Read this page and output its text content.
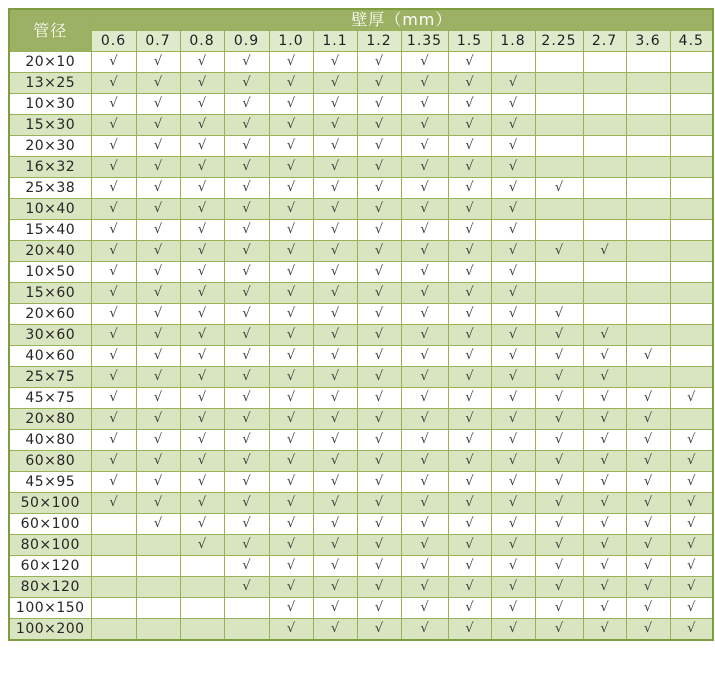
管径	壁厚（mm）													
	0.6	0.7	0.8	0.9	1.0	1.1	1.2	1.35	1.5	1.8	2.25	2.7	3.6	4.5
20×10	√	√	√	√	√	√	√	√	√					
13×25	√	√	√	√	√	√	√	√	√	√				
10×30	√	√	√	√	√	√	√	√	√	√				
15×30	√	√	√	√	√	√	√	√	√	√				
20×30	√	√	√	√	√	√	√	√	√	√				
16×32	√	√	√	√	√	√	√	√	√	√				
25×38	√	√	√	√	√	√	√	√	√	√	√			
10×40	√	√	√	√	√	√	√	√	√	√				
15×40	√	√	√	√	√	√	√	√	√	√				
20×40	√	√	√	√	√	√	√	√	√	√	√	√		
10×50	√	√	√	√	√	√	√	√	√	√				
15×60	√	√	√	√	√	√	√	√	√	√				
20×60	√	√	√	√	√	√	√	√	√	√	√			
30×60	√	√	√	√	√	√	√	√	√	√	√	√		
40×60	√	√	√	√	√	√	√	√	√	√	√	√	√	
25×75	√	√	√	√	√	√	√	√	√	√	√	√		
45×75	√	√	√	√	√	√	√	√	√	√	√	√	√	√
20×80	√	√	√	√	√	√	√	√	√	√	√	√	√	
40×80	√	√	√	√	√	√	√	√	√	√	√	√	√	√
60×80	√	√	√	√	√	√	√	√	√	√	√	√	√	√
45×95	√	√	√	√	√	√	√	√	√	√	√	√	√	√
50×100	√	√	√	√	√	√	√	√	√	√	√	√	√	√
60×100		√	√	√	√	√	√	√	√	√	√	√	√	√
80×100			√	√	√	√	√	√	√	√	√	√	√	√
60×120				√	√	√	√	√	√	√	√	√	√	√
80×120				√	√	√	√	√	√	√	√	√	√	√
100×150					√	√	√	√	√	√	√	√	√	√
100×200					√	√	√	√	√	√	√	√	√	√
